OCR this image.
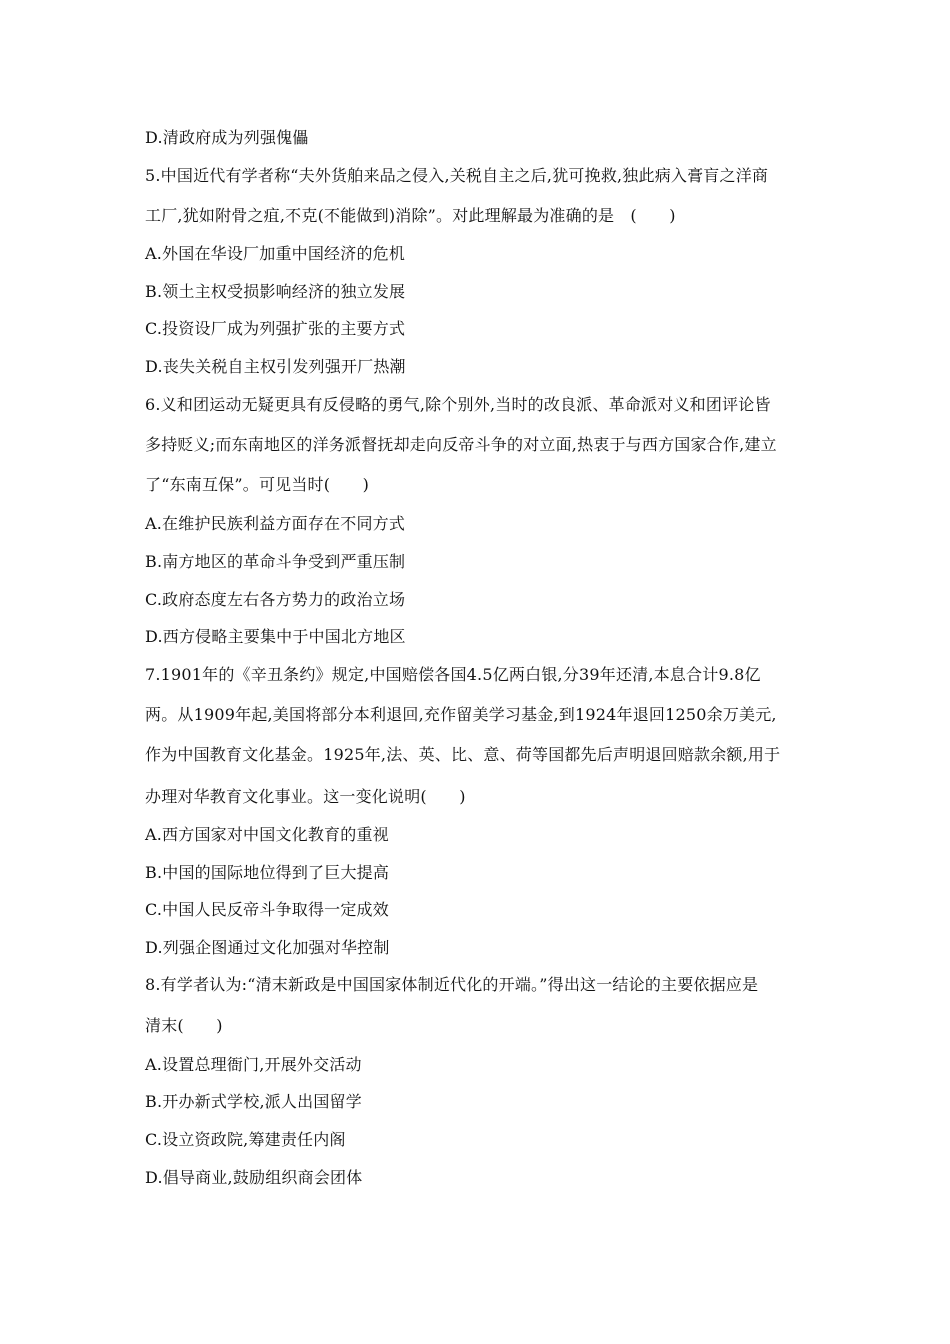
D.清政府成为列强傀儡
5.中国近代有学者称“夫外货舶来品之侵入,关税自主之后,犹可挽救,独此病入膏肓之洋商
工厂,犹如附骨之疽,不克(不能做到)消除”。对此理解最为准确的是　(　　)
A.外国在华设厂加重中国经济的危机
B.领土主权受损影响经济的独立发展
C.投资设厂成为列强扩张的主要方式
D.丧失关税自主权引发列强开厂热潮
6.义和团运动无疑更具有反侵略的勇气,除个别外,当时的改良派、革命派对义和团评论皆
多持贬义;而东南地区的洋务派督抚却走向反帝斗争的对立面,热衷于与西方国家合作,建立
了“东南互保”。可见当时(　　)
A.在维护民族利益方面存在不同方式
B.南方地区的革命斗争受到严重压制
C.政府态度左右各方势力的政治立场
D.西方侵略主要集中于中国北方地区
7.1901年的《辛丑条约》规定,中国赔偿各国4.5亿两白银,分39年还清,本息合计9.8亿
两。从1909年起,美国将部分本利退回,充作留美学习基金,到1924年退回1250余万美元,
作为中国教育文化基金。1925年,法、英、比、意、荷等国都先后声明退回赔款余额,用于
办理对华教育文化事业。这一变化说明(　　)
A.西方国家对中国文化教育的重视
B.中国的国际地位得到了巨大提高
C.中国人民反帝斗争取得一定成效
D.列强企图通过文化加强对华控制
8.有学者认为:“清末新政是中国国家体制近代化的开端。”得出这一结论的主要依据应是
清末(　　)
A.设置总理衙门,开展外交活动
B.开办新式学校,派人出国留学
C.设立资政院,筹建责任内阁
D.倡导商业,鼓励组织商会团体
